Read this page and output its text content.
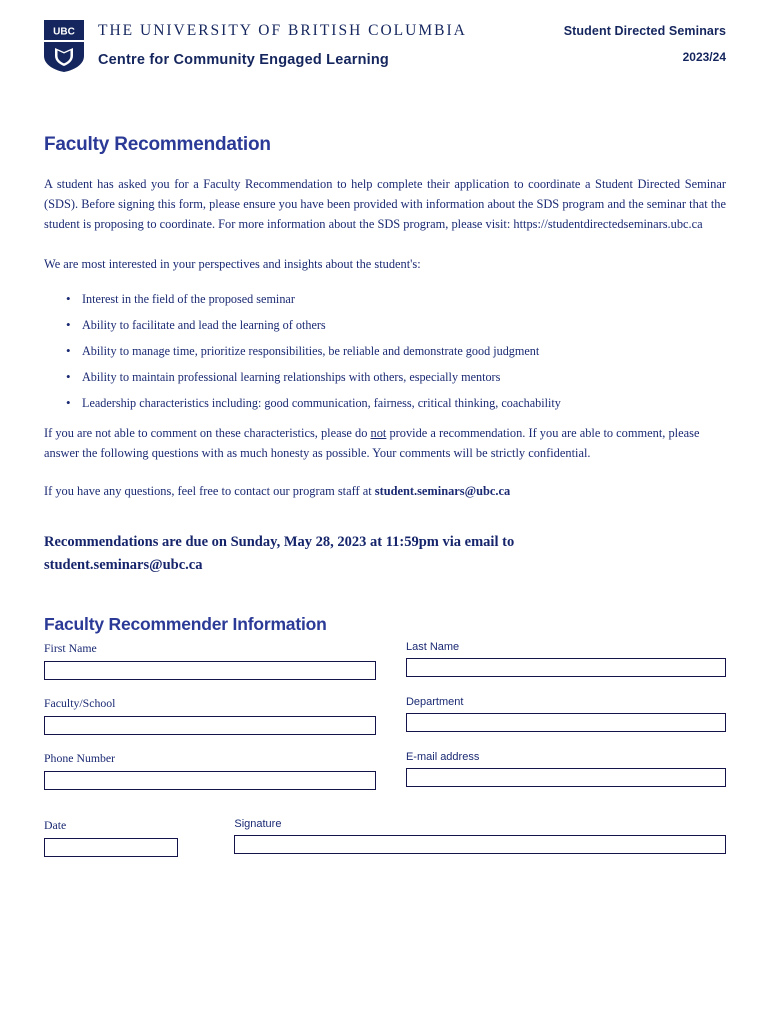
UBC THE UNIVERSITY OF BRITISH COLUMBIA
Centre for Community Engaged Learning
Student Directed Seminars
2023/24
Faculty Recommendation

A student has asked you for a Faculty Recommendation to help complete their application to coordinate a Student Directed Seminar (SDS). Before signing this form, please ensure you have been provided with information about the SDS program and the seminar that the student is proposing to coordinate. For more information about the SDS program, please visit: https://studentdirectedseminars.ubc.ca

We are most interested in your perspectives and insights about the student's:

• Interest in the field of the proposed seminar
• Ability to facilitate and lead the learning of others
• Ability to manage time, prioritize responsibilities, be reliable and demonstrate good judgment
• Ability to maintain professional learning relationships with others, especially mentors
• Leadership characteristics including: good communication, fairness, critical thinking, coachability

If you are not able to comment on these characteristics, please do not provide a recommendation. If you are able to comment, please answer the following questions with as much honesty as possible. Your comments will be strictly confidential.

If you have any questions, feel free to contact our program staff at student.seminars@ubc.ca

Recommendations are due on Sunday, May 28, 2023 at 11:59pm via email to
student.seminars@ubc.ca
Faculty Recommender Information
First Name	Last Name
Faculty/School	Department
Phone Number	E-mail address
Date	Signature
